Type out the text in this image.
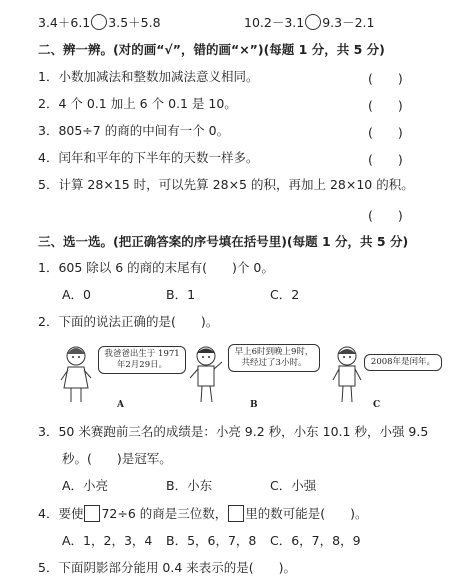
3.4＋6.1 3.5＋5.8	10.2－3.1 9.3－2.1
二、辨一辨。(对的画“√”，错的画“×”)(每题 1 分，共 5 分)
1．小数加减法和整数加减法意义相同。	(　　)
2．4 个 0.1 加上 6 个 0.1 是 10。	(　　)
3．805÷7 的商的中间有一个 0。	(　　)
4．闰年和平年的下半年的天数一样多。	(　　)
5．计算 28×15 时，可以先算 28×5 的积，再加上 28×10 的积。
(　　)
三、选一选。(把正确答案的序号填在括号里)(每题 1 分，共 5 分)
1．605 除以 6 的商的末尾有(　　)个 0。
A．0	B．1	C．2
2．下面的说法正确的是(　　)。
我爸爸出生于 1971年2月29日。
A
早上6时到晚上9时，共经过了3小时。
B
2008年是闰年。
C
3．50 米赛跑前三名的成绩是：小亮 9.2 秒，小东 10.1 秒，小强 9.5
秒。(　　)是冠军。
A．小亮	B．小东	C．小强
4．要使 72÷6 的商是三位数， 里的数可能是(　　)。
A．1，2，3，4 B．5，6，7，8 C．6，7，8，9
5．下面阴影部分能用 0.4 来表示的是(　　)。
